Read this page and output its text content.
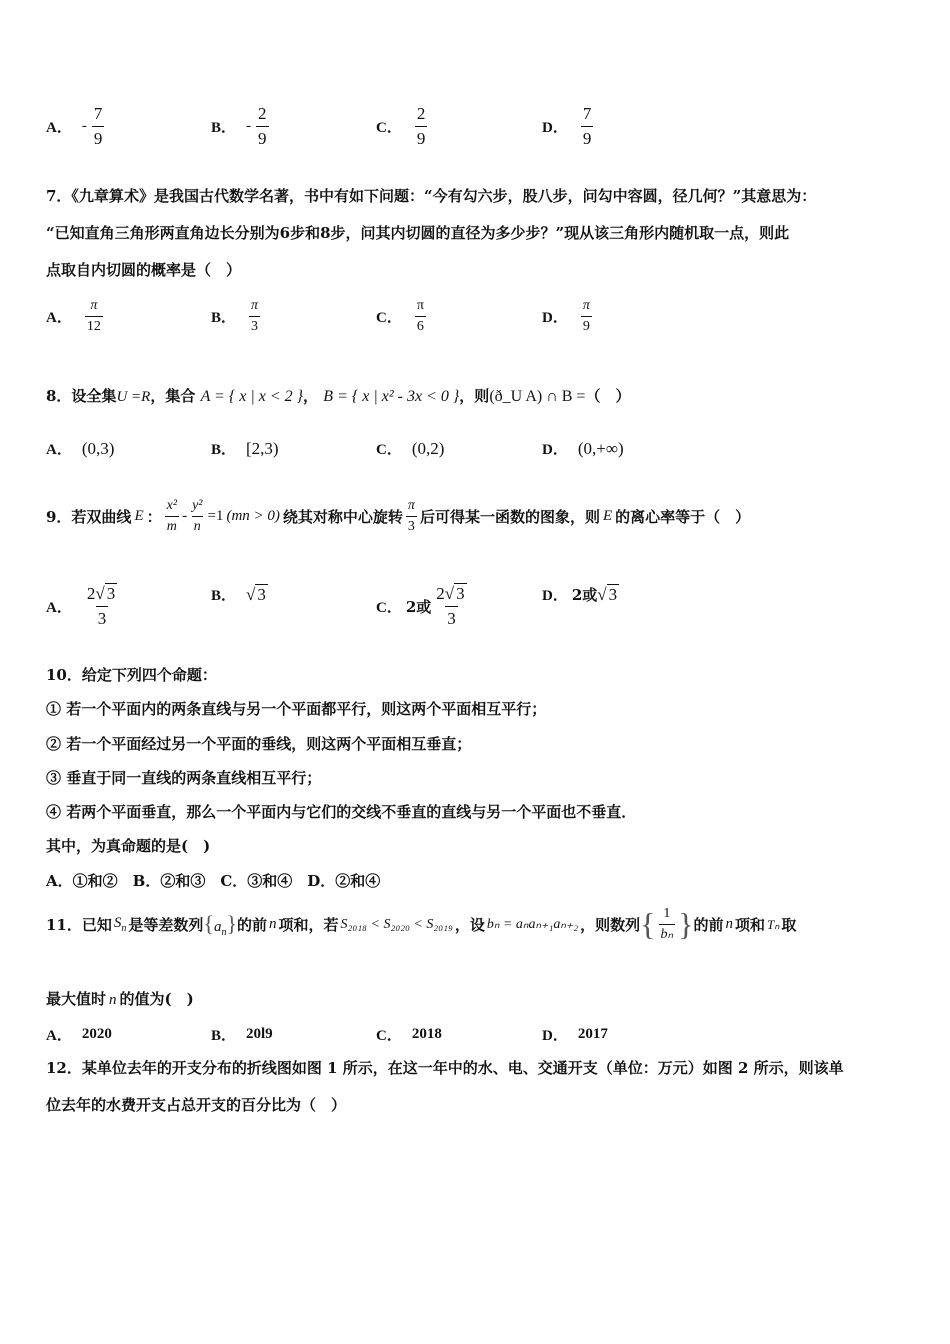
A． - $\frac{7}{9}$	B． - $\frac{2}{9}$	C． $\frac{2}{9}$	D． $\frac{7}{9}$
7．《九章算术》是我国古代数学名著，书中有如下问题：“今有勾六步，股八步，问勾中容圆，径几何？”其意思为：
“已知直角三角形两直角边长分别为6步和8步，问其内切圆的直径为多少步？”现从该三角形内随机取一点，则此
点取自内切圆的概率是（　）
A． $\frac{\pi}{12}$	B． $\frac{\pi}{3}$	C． $\frac{\pi}{6}$	D． $\frac{\pi}{9}$
8．设全集U =R，集合 A = { x | x < 2 }， B = { x | x² - 3x < 0 }，则(ð_U A) ∩ B =（　）
A． (0,3)	B． [2,3)	C． (0,2)	D． (0,+∞)
9．若双曲线 E ： $\frac{\text{x²}}{m} - \frac{\text{y²}}{n} =1$ (mn > 0) 绕其对称中心旋转 $\frac{\pi}{3}$ 后可得某一函数的图象，则 E 的离心率等于（　）
A． $\frac{2√ 3}{3}$	B． √ 3
C． 2或 $\frac{2√ 3}{3}$	D． 2或 √ 3
10．给定下列四个命题：
① 若一个平面内的两条直线与另一个平面都平行，则这两个平面相互平行；
② 若一个平面经过另一个平面的垂线，则这两个平面相互垂直；
③ 垂直于同一直线的两条直线相互平行；
④ 若两个平面垂直，那么一个平面内与它们的交线不垂直的直线与另一个平面也不垂直．
其中，为真命题的是(　)
A．①和②　B．②和③　C．③和④　D．②和④
11．已知 $S_n$ 是等差数列 $\{a_n\}$ 的前 n 项和，若 S₂₀₁₈ < S₂₀₂₀ < S₂₀₁₉ ，设 bₙ = aₙaₙ₊₁aₙ₊₂ ，则数列 { $\frac{1}{\text{bₙ}}$ } 的前 n 项和 Tₙ 取
最大值时 n 的值为(　)
A． 2020	B． 20l9	C． 2018	D． 2017
12．某单位去年的开支分布的折线图如图 1 所示，在这一年中的水、电、交通开支（单位：万元）如图 2 所示，则该单
位去年的水费开支占总开支的百分比为（　）
